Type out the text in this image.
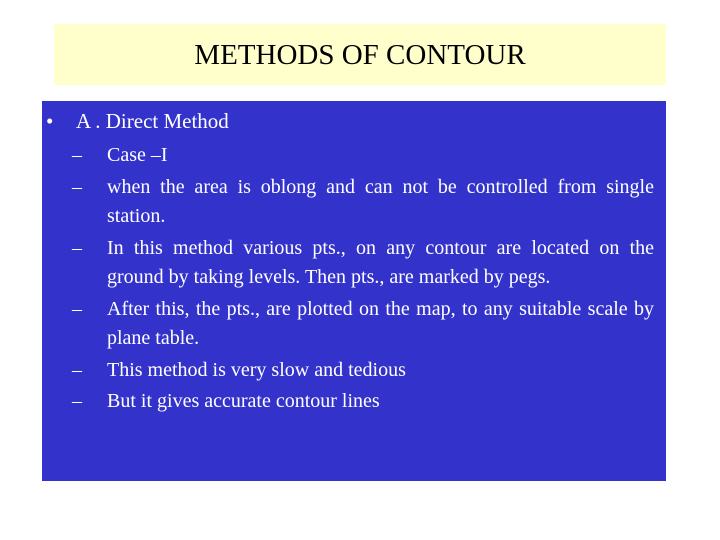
METHODS OF CONTOUR
• A . Direct Method
– Case –I
– when the area is oblong and can not be controlled from single station.
– In this method various pts., on any contour are located on the ground by taking levels. Then pts., are marked by pegs.
– After this, the pts., are plotted on the map, to any suitable scale by plane table.
– This method is very slow and tedious
– But it gives accurate contour lines
